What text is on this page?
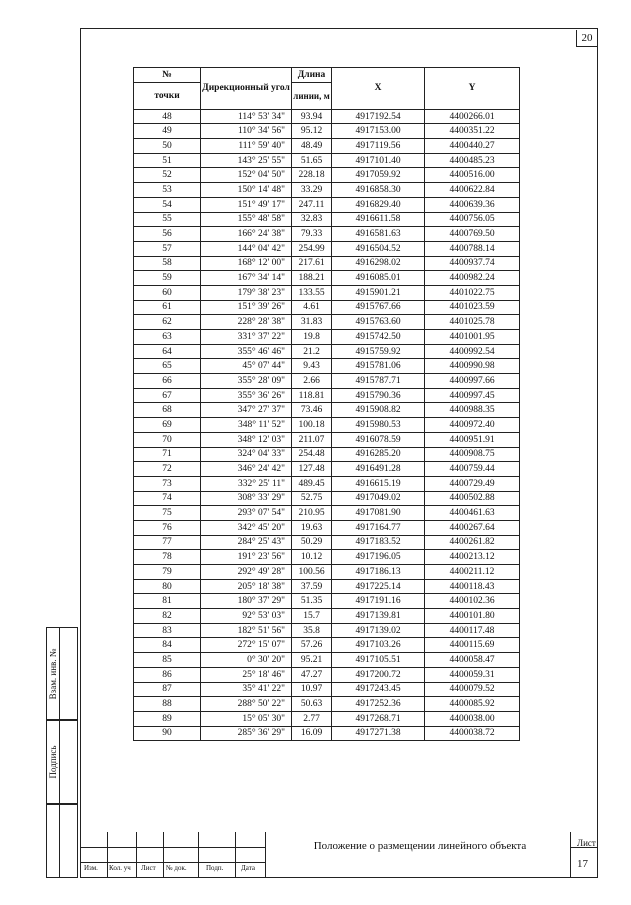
20
№	Дирекционный угол	Длина	X	Y
точки		линии, м		
48	114° 53' 34"	93.94	4917192.54	4400266.01
49	110° 34' 56"	95.12	4917153.00	4400351.22
50	111° 59' 40"	48.49	4917119.56	4400440.27
51	143° 25' 55"	51.65	4917101.40	4400485.23
52	152° 04' 50"	228.18	4917059.92	4400516.00
53	150° 14' 48"	33.29	4916858.30	4400622.84
54	151° 49' 17"	247.11	4916829.40	4400639.36
55	155° 48' 58"	32.83	4916611.58	4400756.05
56	166° 24' 38"	79.33	4916581.63	4400769.50
57	144° 04' 42"	254.99	4916504.52	4400788.14
58	168° 12' 00"	217.61	4916298.02	4400937.74
59	167° 34' 14"	188.21	4916085.01	4400982.24
60	179° 38' 23"	133.55	4915901.21	4401022.75
61	151° 39' 26"	4.61	4915767.66	4401023.59
62	228° 28' 38"	31.83	4915763.60	4401025.78
63	331° 37' 22"	19.8	4915742.50	4401001.95
64	355° 46' 46"	21.2	4915759.92	4400992.54
65	45° 07' 44"	9.43	4915781.06	4400990.98
66	355° 28' 09"	2.66	4915787.71	4400997.66
67	355° 36' 26"	118.81	4915790.36	4400997.45
68	347° 27' 37"	73.46	4915908.82	4400988.35
69	348° 11' 52"	100.18	4915980.53	4400972.40
70	348° 12' 03"	211.07	4916078.59	4400951.91
71	324° 04' 33"	254.48	4916285.20	4400908.75
72	346° 24' 42"	127.48	4916491.28	4400759.44
73	332° 25' 11"	489.45	4916615.19	4400729.49
74	308° 33' 29"	52.75	4917049.02	4400502.88
75	293° 07' 54"	210.95	4917081.90	4400461.63
76	342° 45' 20"	19.63	4917164.77	4400267.64
77	284° 25' 43"	50.29	4917183.52	4400261.82
78	191° 23' 56"	10.12	4917196.05	4400213.12
79	292° 49' 28"	100.56	4917186.13	4400211.12
80	205° 18' 38"	37.59	4917225.14	4400118.43
81	180° 37' 29"	51.35	4917191.16	4400102.36
82	92° 53' 03"	15.7	4917139.81	4400101.80
83	182° 51' 56"	35.8	4917139.02	4400117.48
84	272° 15' 07"	57.26	4917103.26	4400115.69
85	0° 30' 20"	95.21	4917105.51	4400058.47
86	25° 18' 46"	47.27	4917200.72	4400059.31
87	35° 41' 22"	10.97	4917243.45	4400079.52
88	288° 50' 22"	50.63	4917252.36	4400085.92
89	15° 05' 30"	2.77	4917268.71	4400038.00
90	285° 36' 29"	16.09	4917271.38	4400038.72
Взам. инв. №
Подпись
Изм. Кол. уч Лист № док.	Подп.	Дата
Положение о размещении линейного объекта	Лист
17
